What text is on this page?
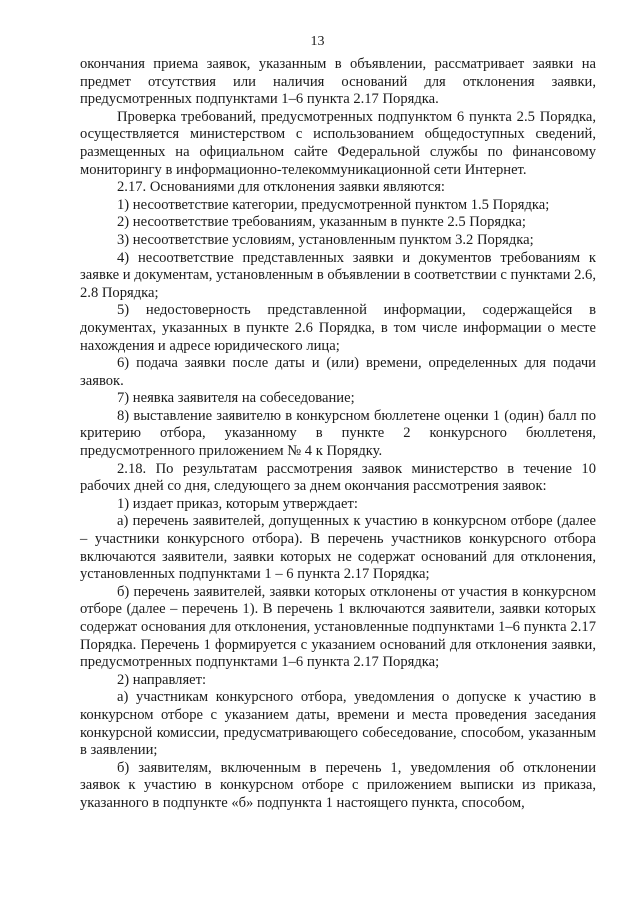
13

окончания приема заявок, указанным в объявлении, рассматривает заявки на предмет отсутствия или наличия оснований для отклонения заявки, предусмотренных подпунктами 1–6 пункта 2.17 Порядка.

Проверка требований, предусмотренных подпунктом 6 пункта 2.5 Порядка, осуществляется министерством с использованием общедоступных сведений, размещенных на официальном сайте Федеральной службы по финансовому мониторингу в информационно-телекоммуникационной сети Интернет.

2.17. Основаниями для отклонения заявки являются:

1) несоответствие категории, предусмотренной пунктом 1.5 Порядка;

2) несоответствие требованиям, указанным в пункте 2.5 Порядка;

3) несоответствие условиям, установленным пунктом 3.2 Порядка;

4) несоответствие представленных заявки и документов требованиям к заявке и документам, установленным в объявлении в соответствии с пунктами 2.6, 2.8 Порядка;

5) недостоверность представленной информации, содержащейся в документах, указанных в пункте 2.6 Порядка, в том числе информации о месте нахождения и адресе юридического лица;

6) подача заявки после даты и (или) времени, определенных для подачи заявок.

7) неявка заявителя на собеседование;

8) выставление заявителю в конкурсном бюллетене оценки 1 (один) балл по критерию отбора, указанному в пункте 2 конкурсного бюллетеня, предусмотренного приложением № 4 к Порядку.

2.18. По результатам рассмотрения заявок министерство в течение 10 рабочих дней со дня, следующего за днем окончания рассмотрения заявок:

1) издает приказ, которым утверждает:

а) перечень заявителей, допущенных к участию в конкурсном отборе (далее – участники конкурсного отбора). В перечень участников конкурсного отбора включаются заявители, заявки которых не содержат оснований для отклонения, установленных подпунктами 1 – 6 пункта 2.17 Порядка;

б) перечень заявителей, заявки которых отклонены от участия в конкурсном отборе (далее – перечень 1). В перечень 1 включаются заявители, заявки которых содержат основания для отклонения, установленные подпунктами 1–6 пункта 2.17 Порядка. Перечень 1 формируется с указанием оснований для отклонения заявки, предусмотренных подпунктами 1–6 пункта 2.17 Порядка;

2) направляет:

а) участникам конкурсного отбора, уведомления о допуске к участию в конкурсном отборе с указанием даты, времени и места проведения заседания конкурсной комиссии, предусматривающего собеседование, способом, указанным в заявлении;

б) заявителям, включенным в перечень 1, уведомления об отклонении заявок к участию в конкурсном отборе с приложением выписки из приказа, указанного в подпункте «б» подпункта 1 настоящего пункта, способом,
